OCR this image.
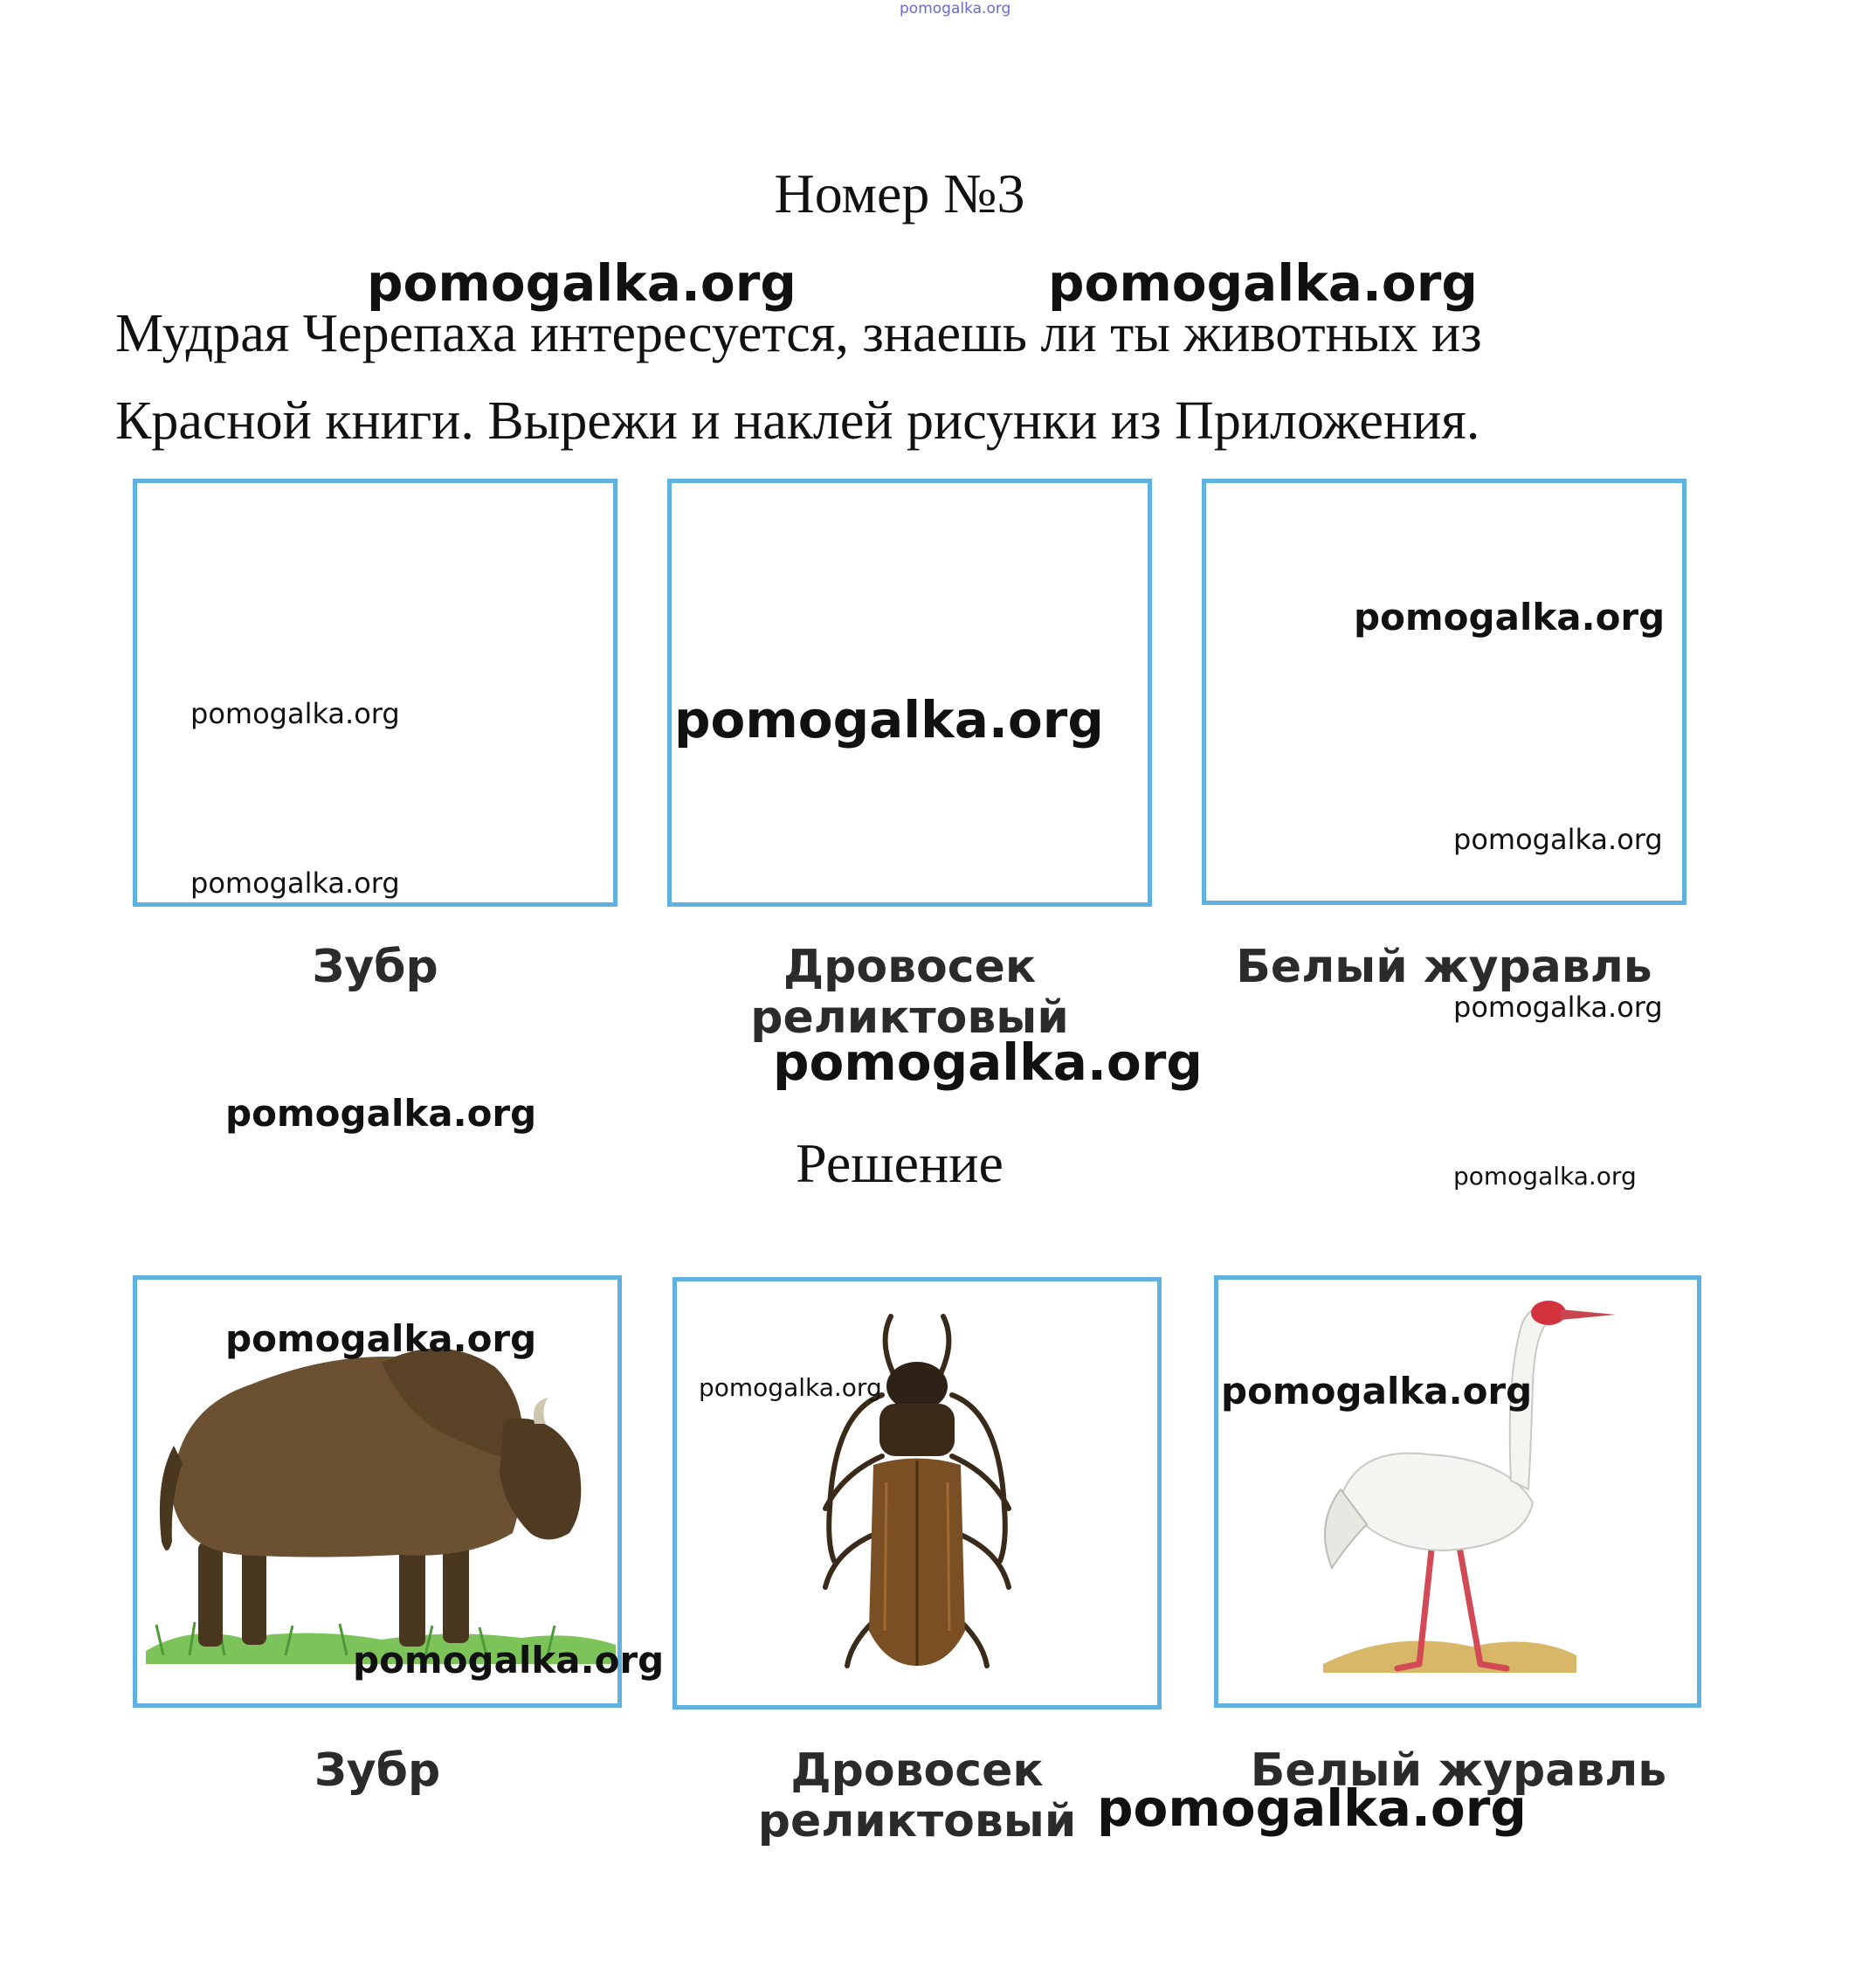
pomogalka.org
Номер №3
Мудрая Черепаха интересуется, знаешь ли ты животных из
Красной книги. Вырежи и наклей рисунки из Приложения.
Зубр	Дровосек
реликтовый
Белый журавль
Решение
Зубр	Дровосек
реликтовый
Белый журавль
pomogalka.org	pomogalka.org
pomogalka.org	pomogalka.org
pomogalka.org
pomogalka.org
pomogalka.org
pomogalka.org
pomogalka.org
pomogalka.org
pomogalka.org
pomogalka.org
pomogalka.org	pomogalka.org
pomogalka.org
pomogalka.org
